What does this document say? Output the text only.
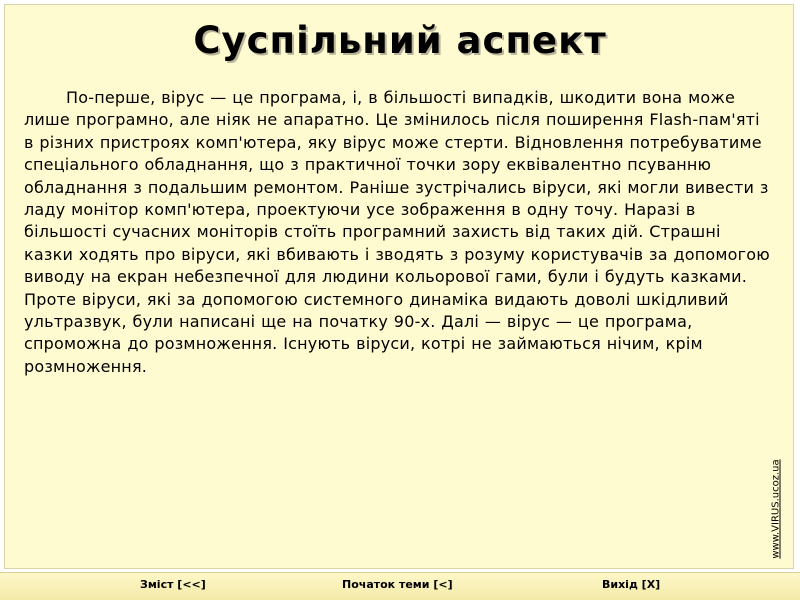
Суспільний аспект

По-перше, вірус — це програма, і, в більшості випадків, шкодити вона може лише програмно, але ніяк не апаратно. Це змінилось після поширення Flash-пам'яті в різних пристроях комп'ютера, яку вірус може стерти. Відновлення потребуватиме спеціального обладнання, що з практичної точки зору еквівалентно псуванню обладнання з подальшим ремонтом. Раніше зустрічались віруси, які могли вивести з ладу монітор комп'ютера, проектуючи усе зображення в одну точу. Наразі в більшості сучасних моніторів стоїть програмний захисть від таких дій. Страшні казки ходять про віруси, які вбивають і зводять з розуму користувачів за допомогою виводу на екран небезпечної для людини кольорової гами, були і будуть казками. Проте віруси, які за допомогою системного динаміка видають доволі шкідливий ультразвук, були написані ще на початку 90-х. Далі — вірус — це програма, спроможна до розмноження. Існують віруси, котрі не займаються нічим, крім розмноження.

www.VIRUS.ucoz.ua
Зміст [<<]	Початок теми [<]	Вихід [X]
